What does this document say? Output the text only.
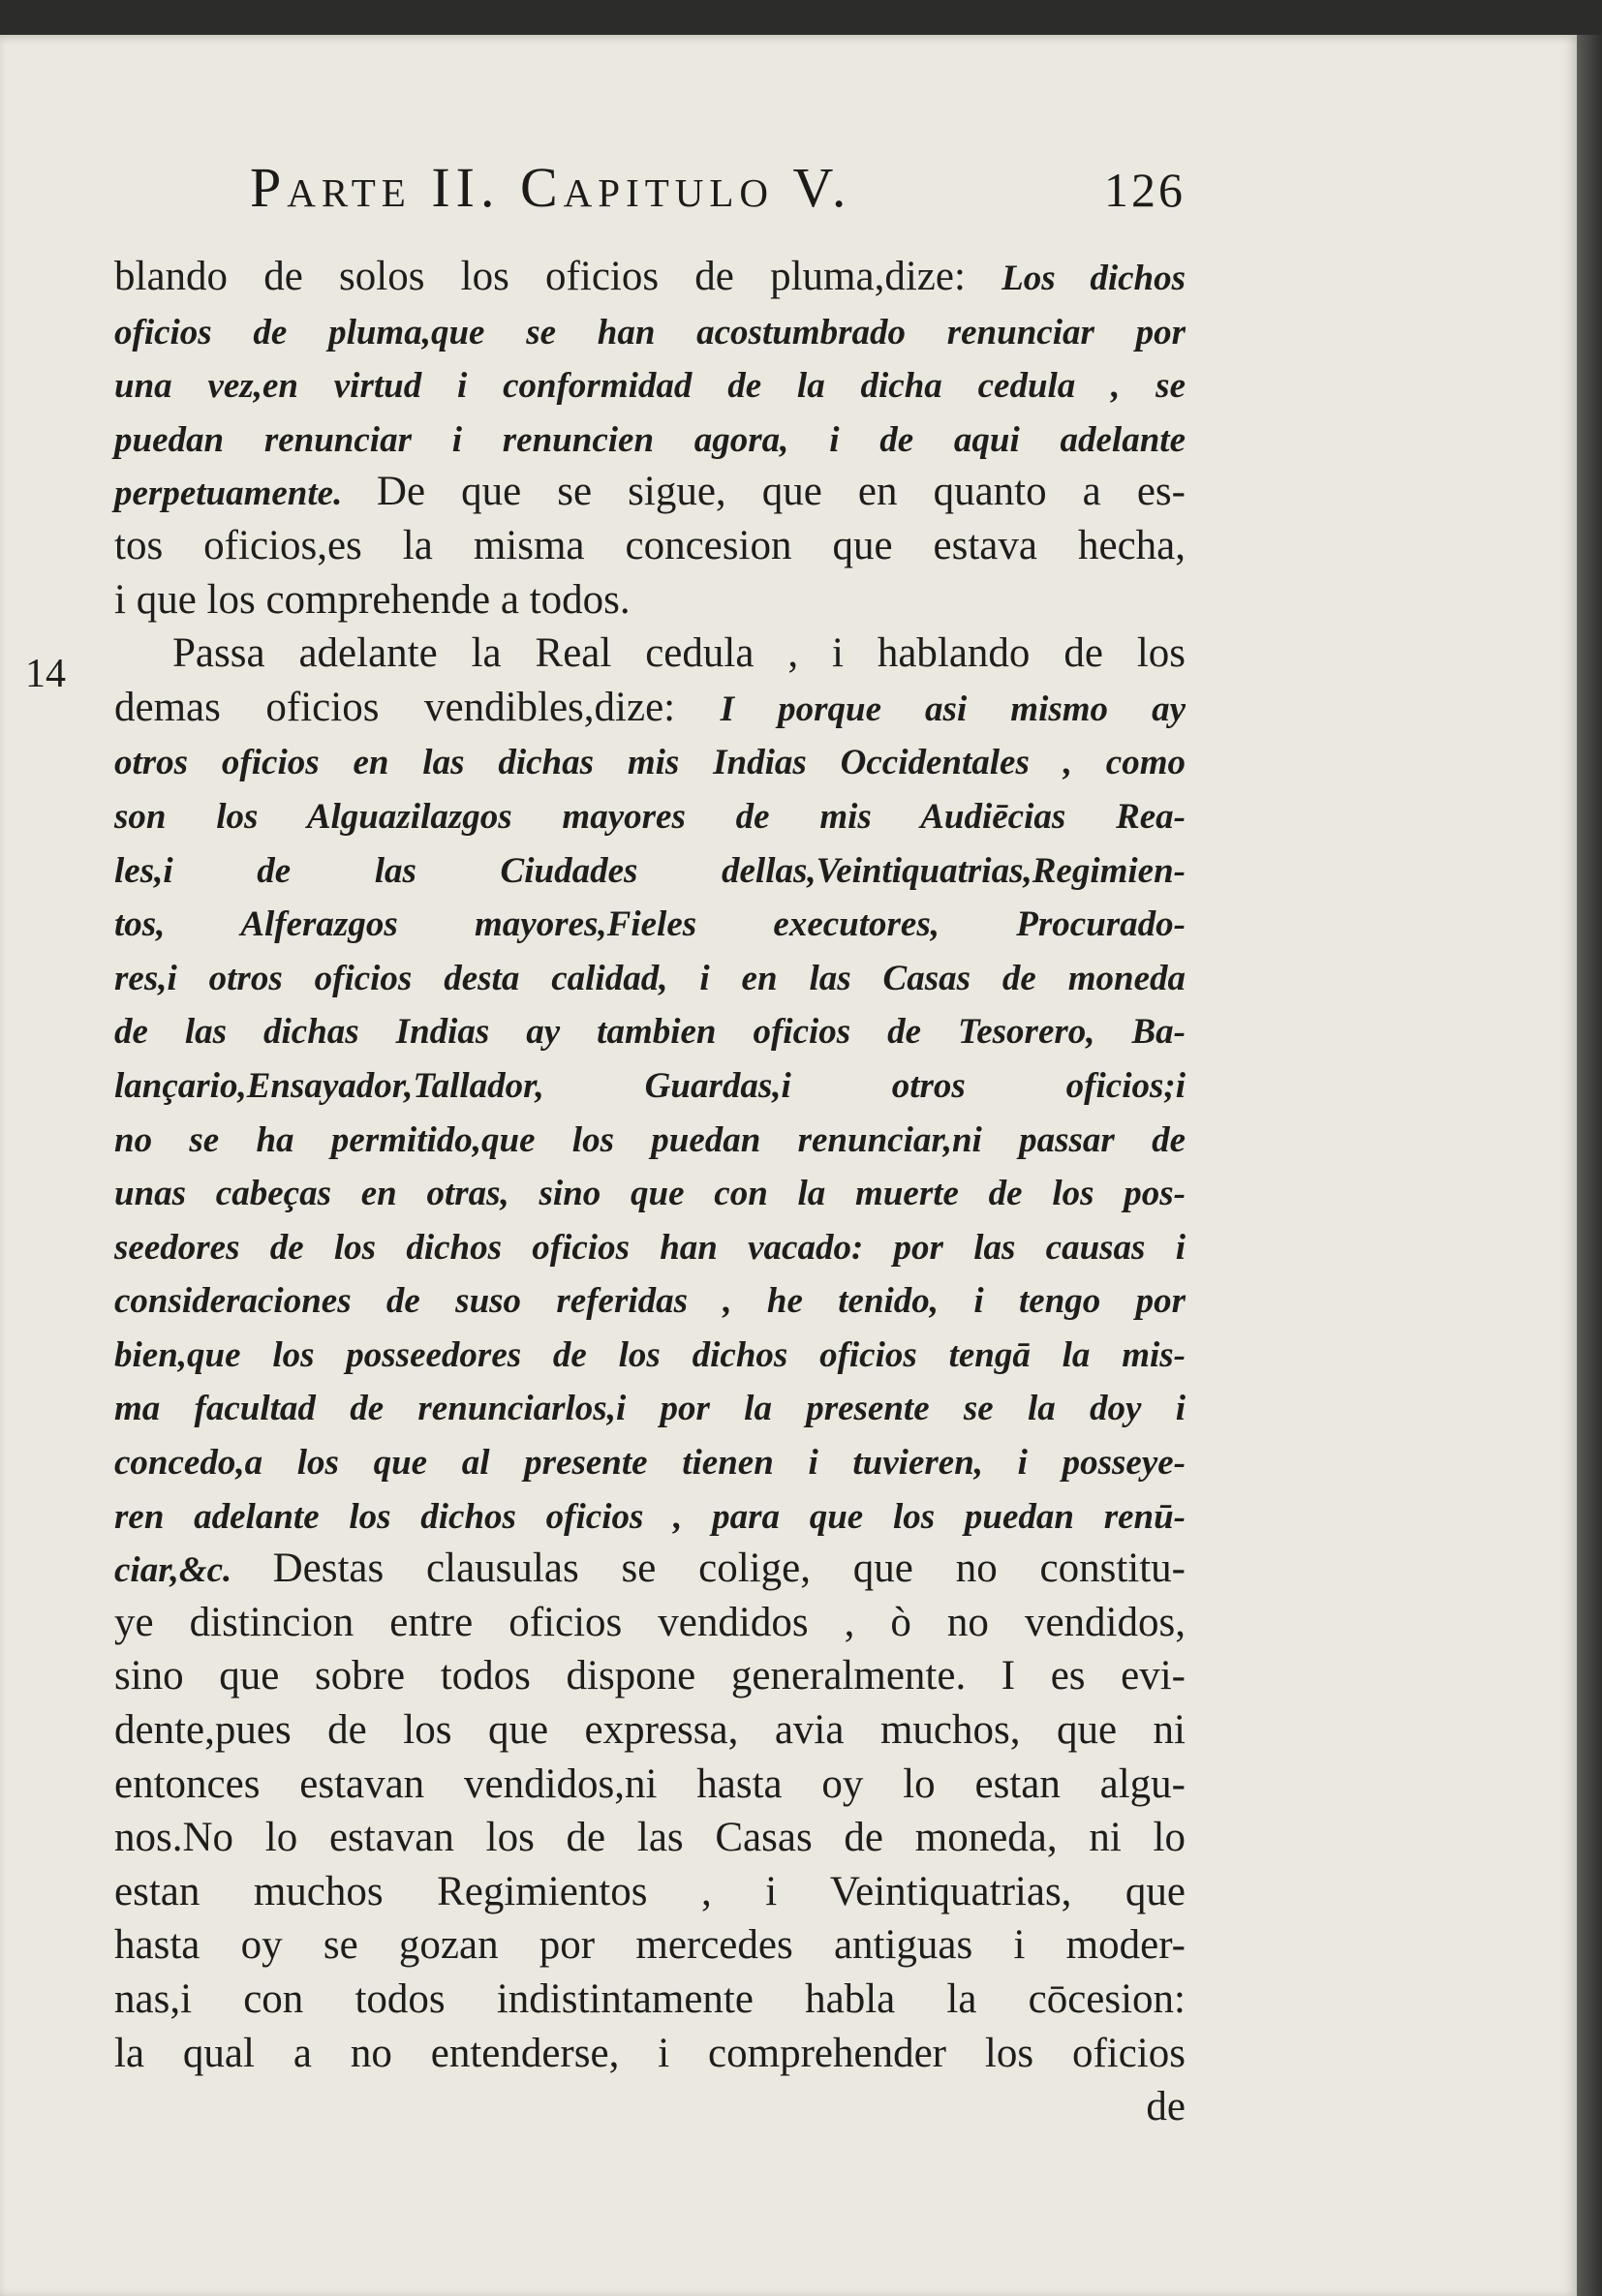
Parte II. Capitulo V.	126
14
blando de solos los oficios de pluma,dize: Los dichos
oficios de pluma,que se han acostumbrado renunciar por
una vez,en virtud i conformidad de la dicha cedula , se
puedan renunciar i renuncien agora, i de aqui adelante
perpetuamente. De que se sigue, que en quanto a es-
tos oficios,es la misma concesion que estava hecha,
i que los comprehende a todos.
Passa adelante la Real cedula , i hablando de los
demas oficios vendibles,dize: I porque asi mismo ay
otros oficios en las dichas mis Indias Occidentales , como
son los Alguazilazgos mayores de mis Audiēcias Rea-
les,i de las Ciudades dellas,Veintiquatrias,Regimien-
tos, Alferazgos mayores,Fieles executores, Procurado-
res,i otros oficios desta calidad, i en las Casas de moneda
de las dichas Indias ay tambien oficios de Tesorero, Ba-
lançario,Ensayador,Tallador, Guardas,i otros oficios;i
no se ha permitido,que los puedan renunciar,ni passar de
unas cabeças en otras, sino que con la muerte de los pos-
seedores de los dichos oficios han vacado: por las causas i
consideraciones de suso referidas , he tenido, i tengo por
bien,que los posseedores de los dichos oficios tengā la mis-
ma facultad de renunciarlos,i por la presente se la doy i
concedo,a los que al presente tienen i tuvieren, i posseye-
ren adelante los dichos oficios , para que los puedan renū-
ciar,&c. Destas clausulas se colige, que no constitu-
ye distincion entre oficios vendidos , ò no vendidos,
sino que sobre todos dispone generalmente. I es evi-
dente,pues de los que expressa, avia muchos, que ni
entonces estavan vendidos,ni hasta oy lo estan algu-
nos.No lo estavan los de las Casas de moneda, ni lo
estan muchos Regimientos , i Veintiquatrias, que
hasta oy se gozan por mercedes antiguas i moder-
nas,i con todos indistintamente habla la cōcesion:
la qual a no entenderse, i comprehender los oficios
de
